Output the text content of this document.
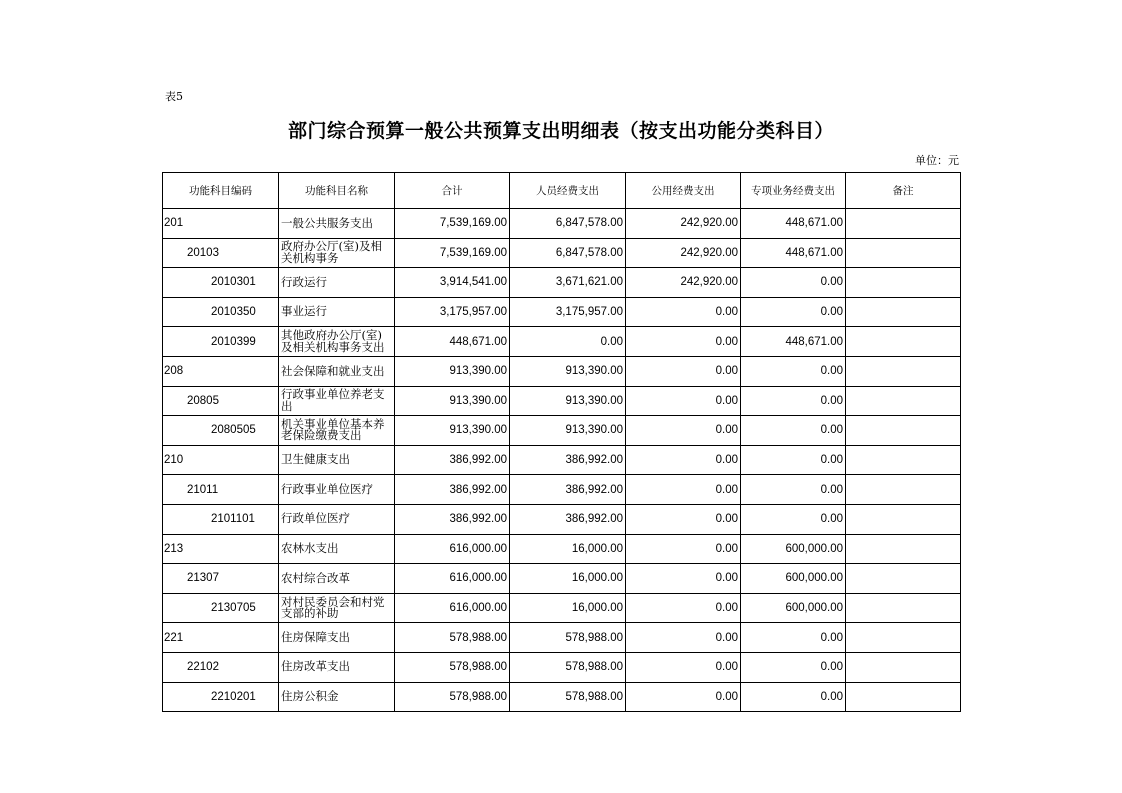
表5
部门综合预算一般公共预算支出明细表（按支出功能分类科目）
单位：元
功能科目编码	功能科目名称	合计	人员经费支出	公用经费支出	专项业务经费支出	备注
201	一般公共服务支出	7,539,169.00	6,847,578.00	242,920.00	448,671.00	
20103	政府办公厅(室)及相关机构事务	7,539,169.00	6,847,578.00	242,920.00	448,671.00	
2010301	行政运行	3,914,541.00	3,671,621.00	242,920.00	0.00	
2010350	事业运行	3,175,957.00	3,175,957.00	0.00	0.00	
2010399	其他政府办公厅(室)及相关机构事务支出	448,671.00	0.00	0.00	448,671.00	
208	社会保障和就业支出	913,390.00	913,390.00	0.00	0.00	
20805	行政事业单位养老支出	913,390.00	913,390.00	0.00	0.00	
2080505	机关事业单位基本养老保险缴费支出	913,390.00	913,390.00	0.00	0.00	
210	卫生健康支出	386,992.00	386,992.00	0.00	0.00	
21011	行政事业单位医疗	386,992.00	386,992.00	0.00	0.00	
2101101	行政单位医疗	386,992.00	386,992.00	0.00	0.00	
213	农林水支出	616,000.00	16,000.00	0.00	600,000.00	
21307	农村综合改革	616,000.00	16,000.00	0.00	600,000.00	
2130705	对村民委员会和村党支部的补助	616,000.00	16,000.00	0.00	600,000.00	
221	住房保障支出	578,988.00	578,988.00	0.00	0.00	
22102	住房改革支出	578,988.00	578,988.00	0.00	0.00	
2210201	住房公积金	578,988.00	578,988.00	0.00	0.00	
